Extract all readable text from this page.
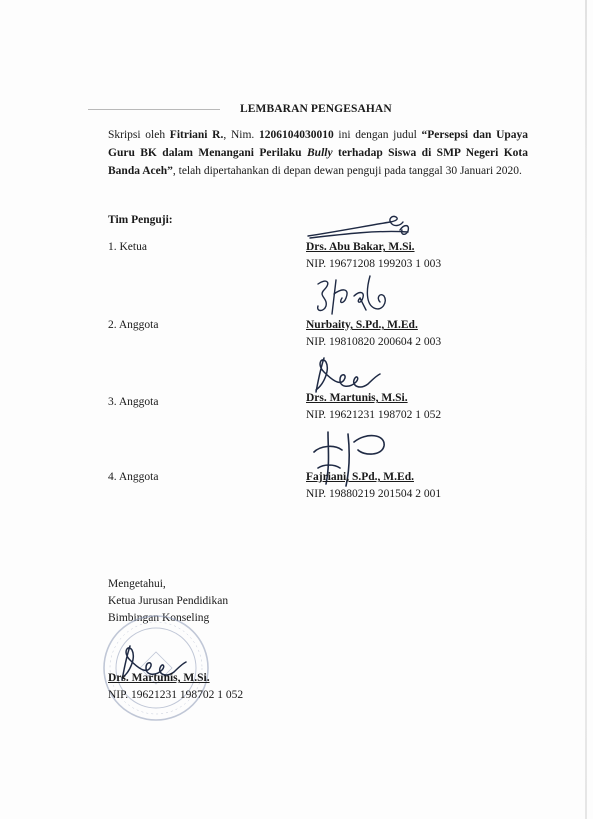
LEMBARAN PENGESAHAN

Skripsi oleh Fitriani R., Nim. 1206104030010 ini dengan judul “Persepsi dan Upaya Guru BK dalam Menangani Perilaku Bully terhadap Siswa di SMP Negeri Kota Banda Aceh”, telah dipertahankan di depan dewan penguji pada tanggal 30 Januari 2020.

Tim Penguji:
1. Ketua	Drs. Abu Bakar, M.Si.
NIP. 19671208 199203 1 003
2. Anggota	Nurbaity, S.Pd., M.Ed.
NIP. 19810820 200604 2 003
3. Anggota	Drs. Martunis, M.Si.
NIP. 19621231 198702 1 052
4. Anggota	Fajriani, S.Pd., M.Ed.
NIP. 19880219 201504 2 001
Mengetahui,
Ketua Jurusan Pendidikan
Bimbingan Konseling
Drs. Martunis, M.Si.
NIP. 19621231 198702 1 052
